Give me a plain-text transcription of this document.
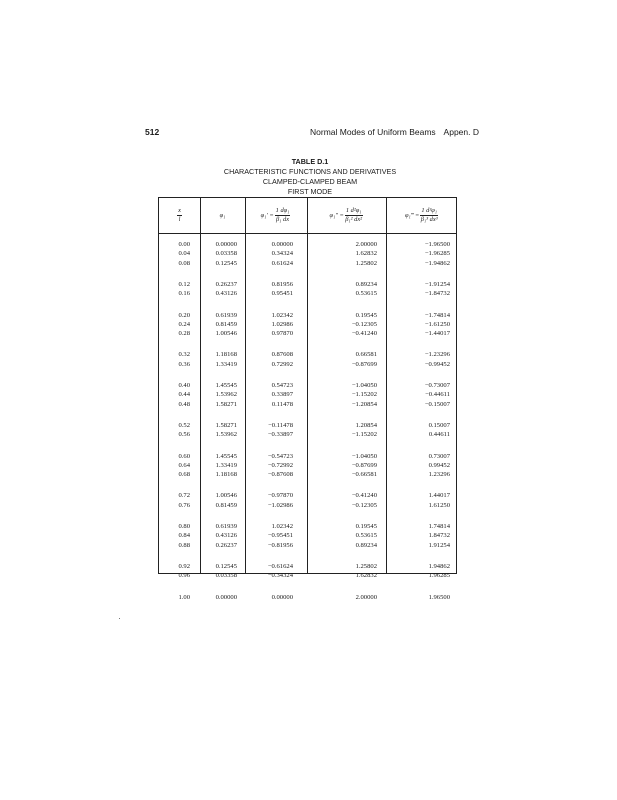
512	Normal Modes of Uniform Beams Appen. D
TABLE D.1
CHARACTERISTIC FUNCTIONS AND DERIVATIVES
CLAMPED-CLAMPED BEAM
FIRST MODE
$\frac{x}{l}$	φ₁	$\varphi_1' = \frac{\text{1 dφ₁}}{\text{β₁ dx}}$	$\varphi_1'' = \frac{\text{1 d²φ₁}}{\text{β₁² dx²}}$	φ₁‴ = $\frac{\text{1 d³φ₁}}{\text{β₁³ dx³}}$
0.00	0.00000	0.00000	2.00000	−1.96500
0.04	0.03358	0.34324	1.62832	−1.96285
0.08	0.12545	0.61624	1.25802	−1.94862
0.12	0.26237	0.81956	0.89234	−1.91254
0.16	0.43126	0.95451	0.53615	−1.84732
0.20	0.61939	1.02342	0.19545	−1.74814
0.24	0.81459	1.02986	−0.12305	−1.61250
0.28	1.00546	0.97870	−0.41240	−1.44017
0.32	1.18168	0.87608	0.66581	−1.23296
0.36	1.33419	0.72992	−0.87699	−0.99452
0.40	1.45545	0.54723	−1.04050	−0.73007
0.44	1.53962	0.33897	−1.15202	−0.44611
0.48	1.58271	0.11478	−1.20854	−0.15007
0.52	1.58271	−0.11478	1.20854	0.15007
0.56	1.53962	−0.33897	−1.15202	0.44611
0.60	1.45545	−0.54723	−1.04050	0.73007
0.64	1.33419	−0.72992	−0.87699	0.99452
0.68	1.18168	−0.87608	−0.66581	1.23296
0.72	1.00546	−0.97870	−0.41240	1.44017
0.76	0.81459	−1.02986	−0.12305	1.61250
0.80	0.61939	1.02342	0.19545	1.74814
0.84	0.43126	−0.95451	0.53615	1.84732
0.88	0.26237	−0.81956	0.89234	1.91254
0.92	0.12545	−0.61624	1.25802	1.94862
0.96	0.03358	−0.34324	1.62832	1.96285
1.00	0.00000	0.00000	2.00000	1.96500
